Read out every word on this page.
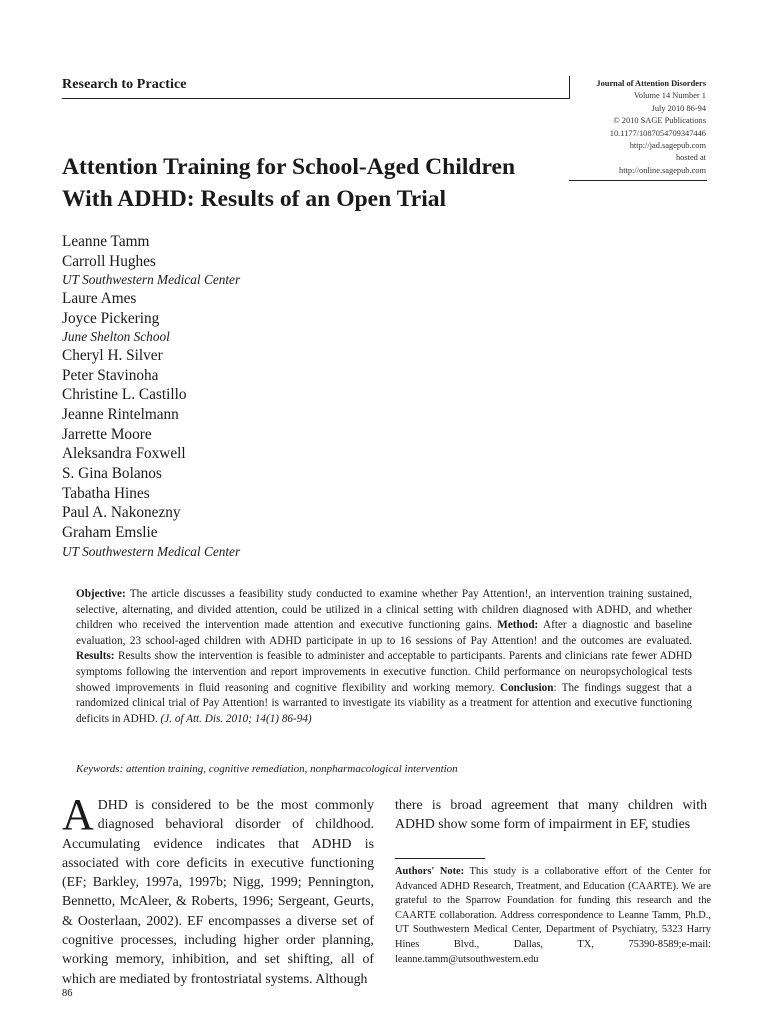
Research to Practice	Journal of Attention Disorders
Volume 14 Number 1
July 2010 86-94
© 2010 SAGE Publications
10.1177/1087054709347446
http://jad.sagepub.com
hosted at
http://online.sagepub.com
Attention Training for School-Aged Children With ADHD: Results of an Open Trial
Leanne Tamm
Carroll Hughes
UT Southwestern Medical Center
Laure Ames
Joyce Pickering
June Shelton School
Cheryl H. Silver
Peter Stavinoha
Christine L. Castillo
Jeanne Rintelmann
Jarrette Moore
Aleksandra Foxwell
S. Gina Bolanos
Tabatha Hines
Paul A. Nakonezny
Graham Emslie
UT Southwestern Medical Center
Objective: The article discusses a feasibility study conducted to examine whether Pay Attention!, an intervention training sustained, selective, alternating, and divided attention, could be utilized in a clinical setting with children diagnosed with ADHD, and whether children who received the intervention made attention and executive functioning gains. Method: After a diagnostic and baseline evaluation, 23 school-aged children with ADHD participate in up to 16 sessions of Pay Attention! and the outcomes are evaluated. Results: Results show the intervention is feasible to administer and acceptable to participants. Parents and clinicians rate fewer ADHD symptoms following the intervention and report improvements in executive function. Child performance on neuropsychological tests showed improvements in fluid reasoning and cognitive flexibility and working memory. Conclusion: The findings suggest that a randomized clinical trial of Pay Attention! is warranted to investigate its viability as a treatment for attention and executive functioning deficits in ADHD. (J. of Att. Dis. 2010; 14(1) 86-94)
Keywords: attention training, cognitive remediation, nonpharmacological intervention
ADHD is considered to be the most commonly diagnosed behavioral disorder of childhood. Accumulating evidence indicates that ADHD is associated with core deficits in executive functioning (EF; Barkley, 1997a, 1997b; Nigg, 1999; Pennington, Bennetto, McAleer, & Roberts, 1996; Sergeant, Geurts, & Oosterlaan, 2002). EF encompasses a diverse set of cognitive processes, including higher order planning, working memory, inhibition, and set shifting, all of which are mediated by frontostriatal systems. Although
there is broad agreement that many children with ADHD show some form of impairment in EF, studies
Authors' Note: This study is a collaborative effort of the Center for Advanced ADHD Research, Treatment, and Education (CAARTE). We are grateful to the Sparrow Foundation for funding this research and the CAARTE collaboration. Address correspondence to Leanne Tamm, Ph.D., UT Southwestern Medical Center, Department of Psychiatry, 5323 Harry Hines Blvd., Dallas, TX, 75390-8589;e-mail: leanne.tamm@utsouthwestern.edu
86
